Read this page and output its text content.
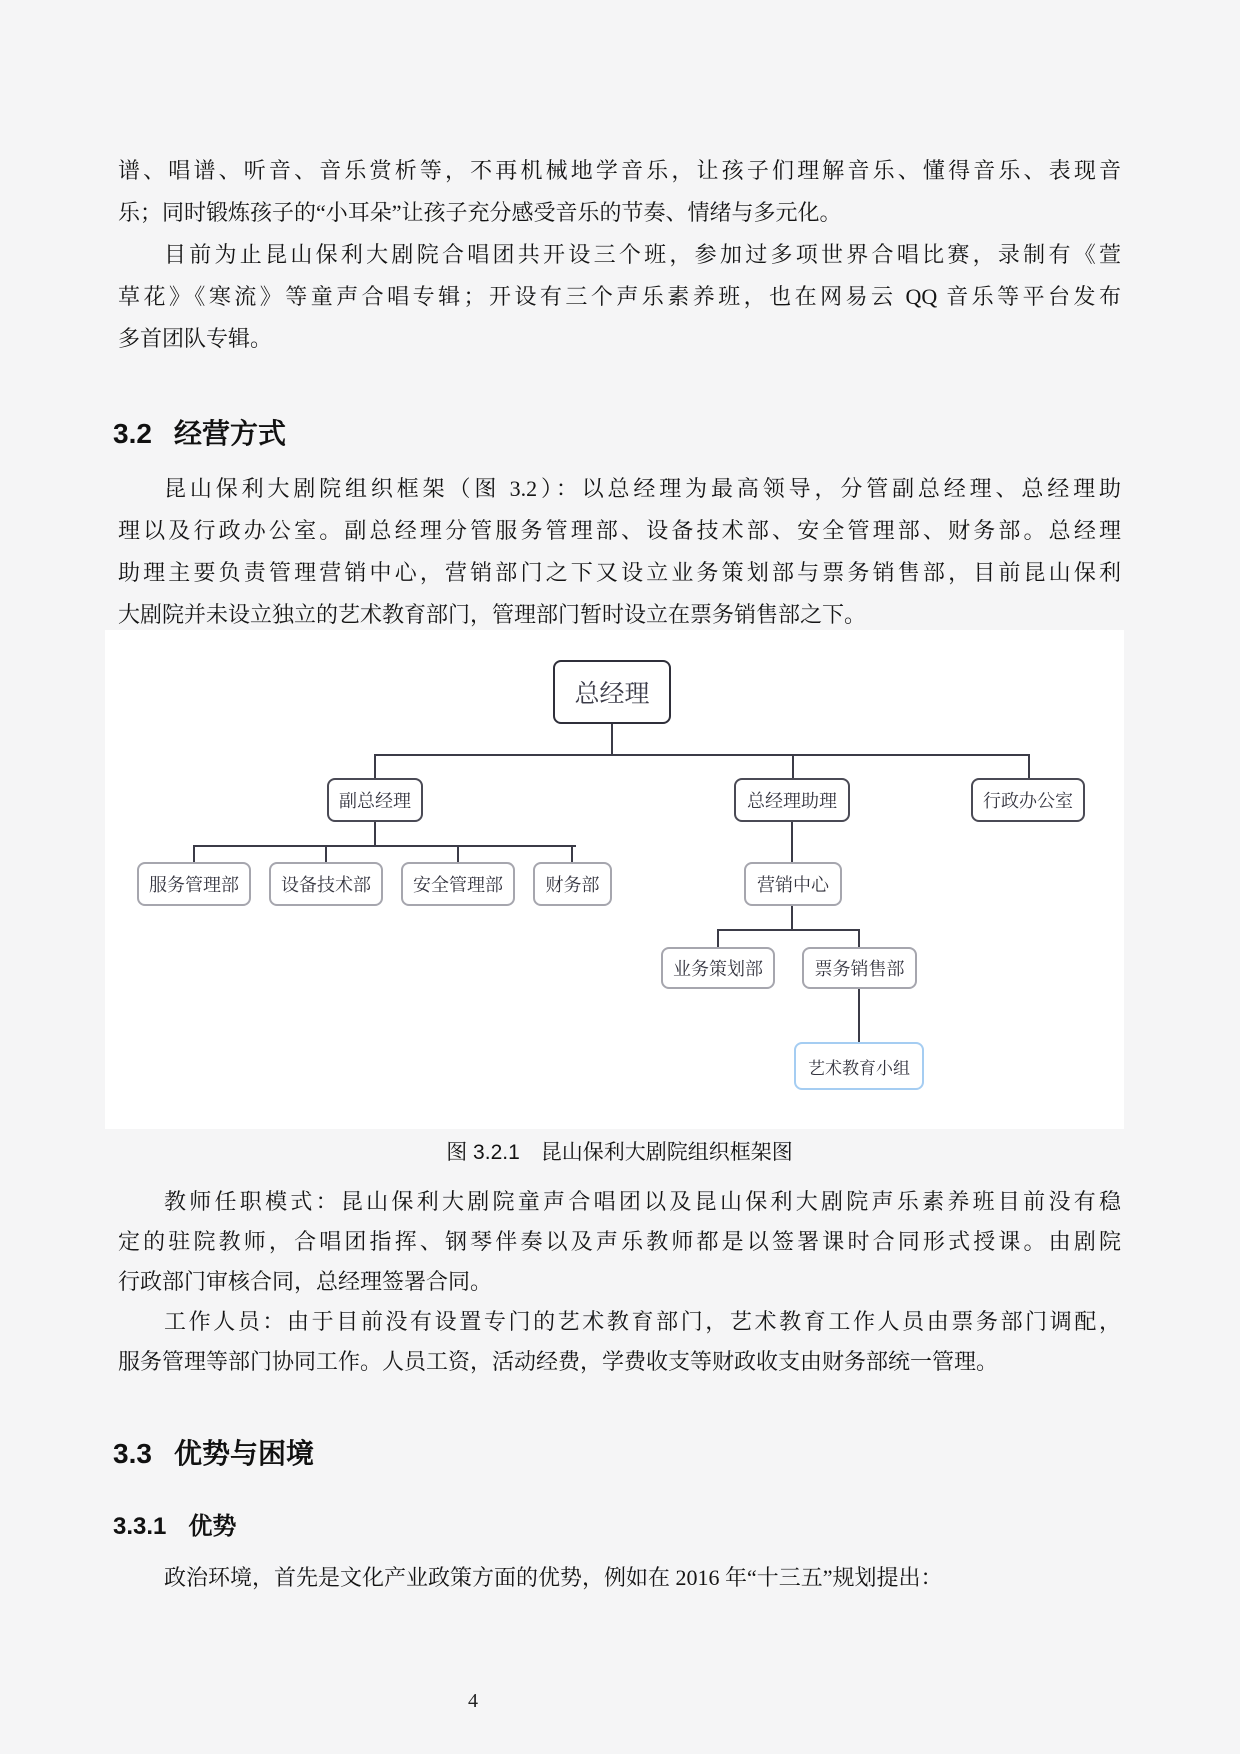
谱、唱谱、听音、音乐赏析等，不再机械地学音乐，让孩子们理解音乐、懂得音乐、表现音
乐；同时锻炼孩子的“小耳朵”让孩子充分感受音乐的节奏、情绪与多元化。
目前为止昆山保利大剧院合唱团共开设三个班，参加过多项世界合唱比赛，录制有《萱
草花》《寒流》等童声合唱专辑；开设有三个声乐素养班，也在网易云 QQ 音乐等平台发布
多首团队专辑。
3.2 经营方式
昆山保利大剧院组织框架（图 3.2）：以总经理为最高领导，分管副总经理、总经理助
理以及行政办公室。副总经理分管服务管理部、设备技术部、安全管理部、财务部。总经理
助理主要负责管理营销中心，营销部门之下又设立业务策划部与票务销售部，目前昆山保利
大剧院并未设立独立的艺术教育部门，管理部门暂时设立在票务销售部之下。
总经理
副总经理	总经理助理	行政办公室
服务管理部	设备技术部	安全管理部	财务部	营销中心
业务策划部	票务销售部
艺术教育小组
图 3.2.1　昆山保利大剧院组织框架图
教师任职模式：昆山保利大剧院童声合唱团以及昆山保利大剧院声乐素养班目前没有稳
定的驻院教师，合唱团指挥、钢琴伴奏以及声乐教师都是以签署课时合同形式授课。由剧院
行政部门审核合同，总经理签署合同。
工作人员：由于目前没有设置专门的艺术教育部门，艺术教育工作人员由票务部门调配，
服务管理等部门协同工作。人员工资，活动经费，学费收支等财政收支由财务部统一管理。
3.3 优势与困境
3.3.1 优势
政治环境，首先是文化产业政策方面的优势，例如在 2016 年“十三五”规划提出：
4
